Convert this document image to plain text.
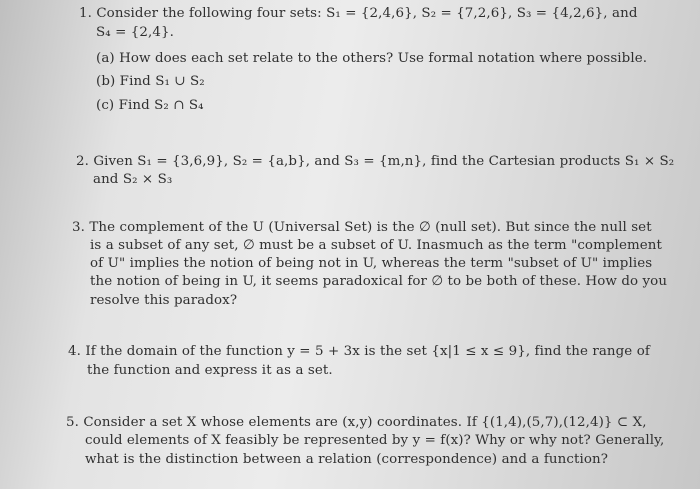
1. Consider the following four sets: S₁ = {2,4,6}, S₂ = {7,2,6}, S₃ = {4,2,6}, and
S₄ = {2,4}.
(a) How does each set relate to the others? Use formal notation where possible.
(b) Find S₁ ∪ S₂
(c) Find S₂ ∩ S₄
2. Given S₁ = {3,6,9}, S₂ = {a,b}, and S₃ = {m,n}, find the Cartesian products S₁ × S₂
and S₂ × S₃
3. The complement of the U (Universal Set) is the ∅ (null set). But since the null set
is a subset of any set, ∅ must be a subset of U. Inasmuch as the term "complement
of U" implies the notion of being not in U, whereas the term "subset of U" implies
the notion of being in U, it seems paradoxical for ∅ to be both of these. How do you
resolve this paradox?
4. If the domain of the function y = 5 + 3x is the set {x|1 ≤ x ≤ 9}, find the range of
the function and express it as a set.
5. Consider a set X whose elements are (x,y) coordinates. If {(1,4),(5,7),(12,4)} ⊂ X,
could elements of X feasibly be represented by y = f(x)? Why or why not? Generally,
what is the distinction between a relation (correspondence) and a function?
